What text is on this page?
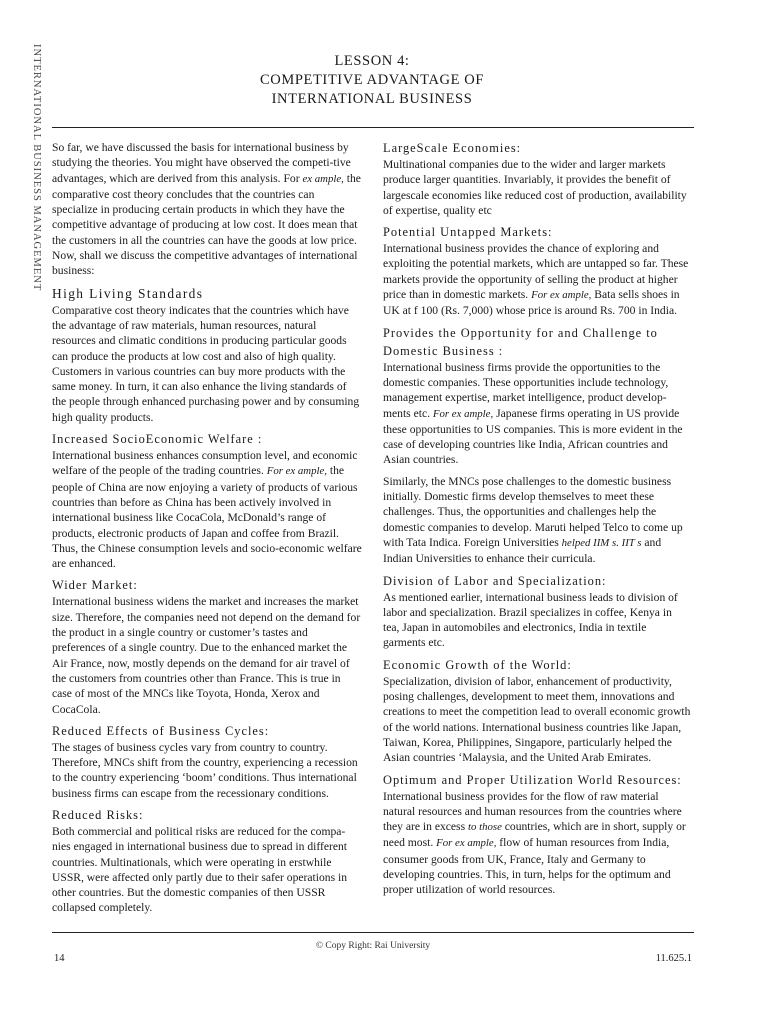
INTERNATIONAL BUSINESS MANAGEMENT	LESSON 4:
COMPETITIVE ADVANTAGE OF
INTERNATIONAL BUSINESS

So far, we have discussed the basis for international business by studying the theories. You might have observed the competi-tive advantages, which are derived from this analysis. For ex ample, the comparative cost theory concludes that the countries can specialize in producing certain products in which they have the competitive advantage of producing at low cost. It does mean that the customers in all the countries can have the goods at low price. Now, shall we discuss the competitive advantages of international business:

High Living Standards

Comparative cost theory indicates that the countries which have the advantage of raw materials, human resources, natural resources and climatic conditions in producing particular goods can produce the products at low cost and also of high quality. Customers in various countries can buy more products with the same money. In turn, it can also enhance the living standards of the people through enhanced purchasing power and by consuming high quality products.

Increased SocioEconomic Welfare :

International business enhances consumption level, and economic welfare of the people of the trading countries. For ex ample, the people of China are now enjoying a variety of products of various countries than before as China has been actively involved in international business like CocaCola, McDonald’s range of products, electronic products of Japan and coffee from Brazil. Thus, the Chinese consumption levels and socio-economic welfare are enhanced.

Wider Market:

International business widens the market and increases the market size. Therefore, the companies need not depend on the demand for the product in a single country or customer’s tastes and preferences of a single country. Due to the enhanced market the Air France, now, mostly depends on the demand for air travel of the customers from countries other than France. This is true in case of most of the MNCs like Toyota, Honda, Xerox and CocaCola.

Reduced Effects of Business Cycles:

The stages of business cycles vary from country to country. Therefore, MNCs shift from the country, experiencing a recession to the country experiencing ‘boom’ conditions. Thus international business firms can escape from the recessionary conditions.

Reduced Risks:

Both commercial and political risks are reduced for the compa-nies engaged in international business due to spread in different countries. Multinationals, which were operating in erstwhile USSR, were affected only partly due to their safer operations in other countries. But the domestic companies of then USSR collapsed completely.

LargeScale Economies:

Multinational companies due to the wider and larger markets produce larger quantities. Invariably, it provides the benefit of largescale economies like reduced cost of production, availability of expertise, quality etc

Potential Untapped Markets:

International business provides the chance of exploring and exploiting the potential markets, which are untapped so far. These markets provide the opportunity of selling the product at higher price than in domestic markets. For ex ample, Bata sells shoes in UK at f 100 (Rs. 7,000) whose price is around Rs. 700 in India.

Provides the Opportunity for and Challenge to
Domestic Business :

International business firms provide the opportunities to the domestic companies. These opportunities include technology, management expertise, market intelligence, product develop-ments etc. For ex ample, Japanese firms operating in US provide these opportunities to US companies. This is more evident in the case of developing countries like India, African countries and Asian countries.

Similarly, the MNCs pose challenges to the domestic business initially. Domestic firms develop themselves to meet these challenges. Thus, the opportunities and challenges help the domestic companies to develop. Maruti helped Telco to come up with Tata Indica. Foreign Universities helped IIM s. IIT s and Indian Universities to enhance their curricula.

Division of Labor and Specialization:

As mentioned earlier, international business leads to division of labor and specialization. Brazil specializes in coffee, Kenya in tea, Japan in automobiles and electronics, India in textile garments etc.

Economic Growth of the World:

Specialization, division of labor, enhancement of productivity, posing challenges, development to meet them, innovations and creations to meet the competition lead to overall economic growth of the world nations. International business countries like Japan, Taiwan, Korea, Philippines, Singapore, particularly helped the Asian countries ‘Malaysia, and the United Arab Emirates.

Optimum and Proper Utilization World Resources:

International business provides for the flow of raw material natural resources and human resources from the countries where they are in excess to those countries, which are in short, supply or need most. For ex ample, flow of human resources from India, consumer goods from UK, France, Italy and Germany to developing countries. This, in turn, helps for the optimum and proper utilization of world resources.

© Copy Right: Rai University
14	11.625.1
